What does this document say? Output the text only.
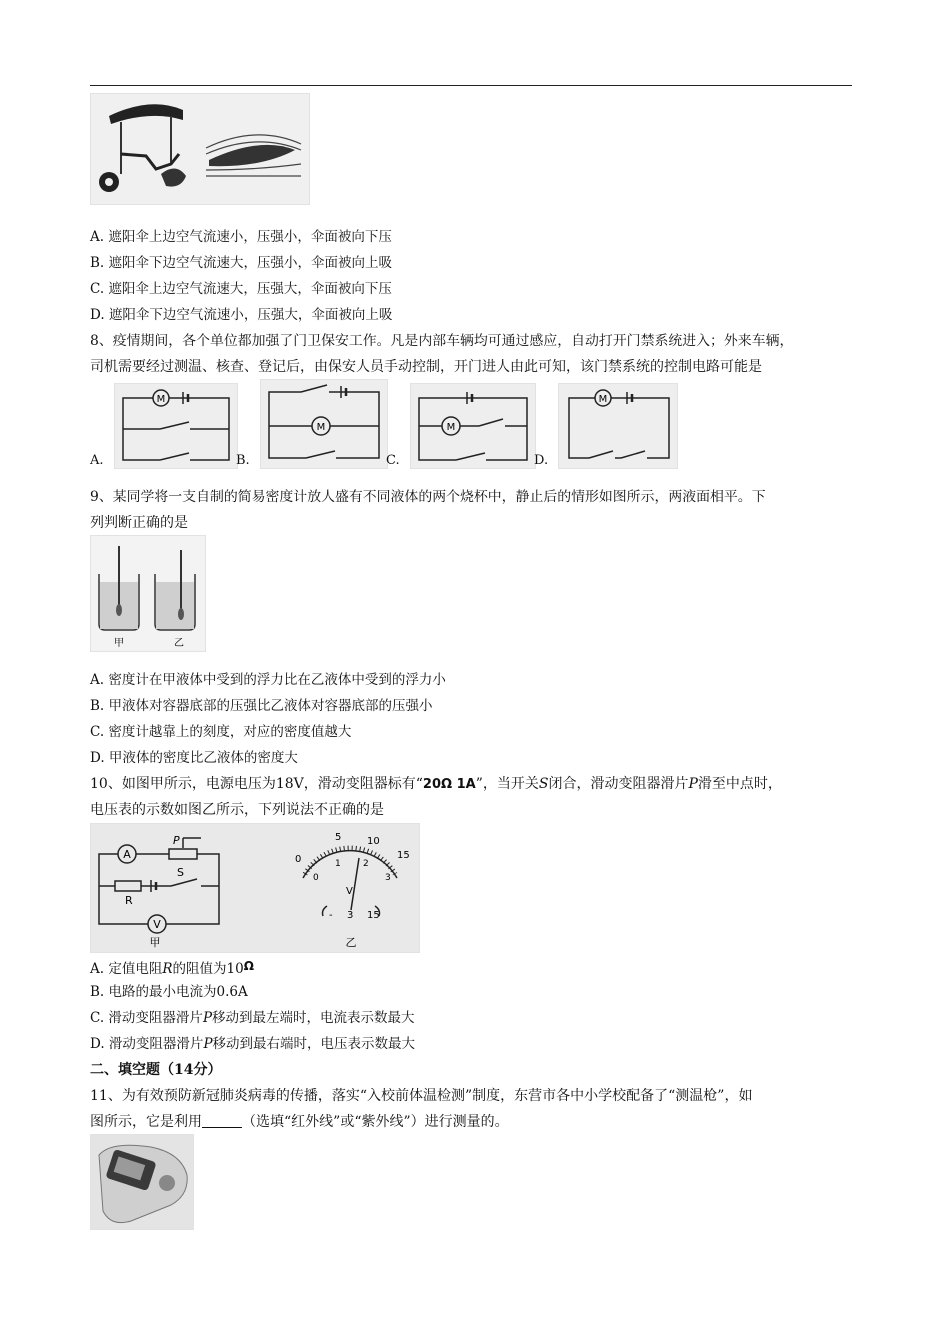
A. 遮阳伞上边空气流速小，压强小，伞面被向下压
B. 遮阳伞下边空气流速大，压强小，伞面被向上吸
C. 遮阳伞上边空气流速大，压强大，伞面被向下压
D. 遮阳伞下边空气流速小，压强大，伞面被向上吸
8、疫情期间，各个单位都加强了门卫保安工作。凡是内部车辆均可通过感应，自动打开门禁系统进入；外来车辆，
司机需要经过测温、核查、登记后，由保安人员手动控制，开门进人由此可知，该门禁系统的控制电路可能是
A.
M
B.
M
C.
M
D.
M
9、某同学将一支自制的简易密度计放人盛有不同液体的两个烧杯中，静止后的情形如图所示，两液面相平。下
列判断正确的是
甲	乙
A. 密度计在甲液体中受到的浮力比在乙液体中受到的浮力小
B. 甲液体对容器底部的压强比乙液体对容器底部的压强小
C. 密度计越靠上的刻度，对应的密度值越大
D. 甲液体的密度比乙液体的密度大
10、如图甲所示，电源电压为18V，滑动变阻器标有“20Ω 1A”，当开关S闭合，滑动变阻器滑片P滑至中点时，
电压表的示数如图乙所示，下列说法不正确的是
A
P
R
S
V
甲
5	10
15
0
0
1 2
3
V
- 3 15
乙
A. 定值电阻R的阻值为10Ω
B. 电路的最小电流为0.6A
C. 滑动变阻器滑片P移动到最左端时，电流表示数最大
D. 滑动变阻器滑片P移动到最右端时，电压表示数最大
二、填空题（14分）
11、为有效预防新冠肺炎病毒的传播，落实“入校前体温检测”制度，东营市各中小学校配备了“测温枪”，如
图所示，它是利用	（选填“红外线”或“紫外线”）进行测量的。
